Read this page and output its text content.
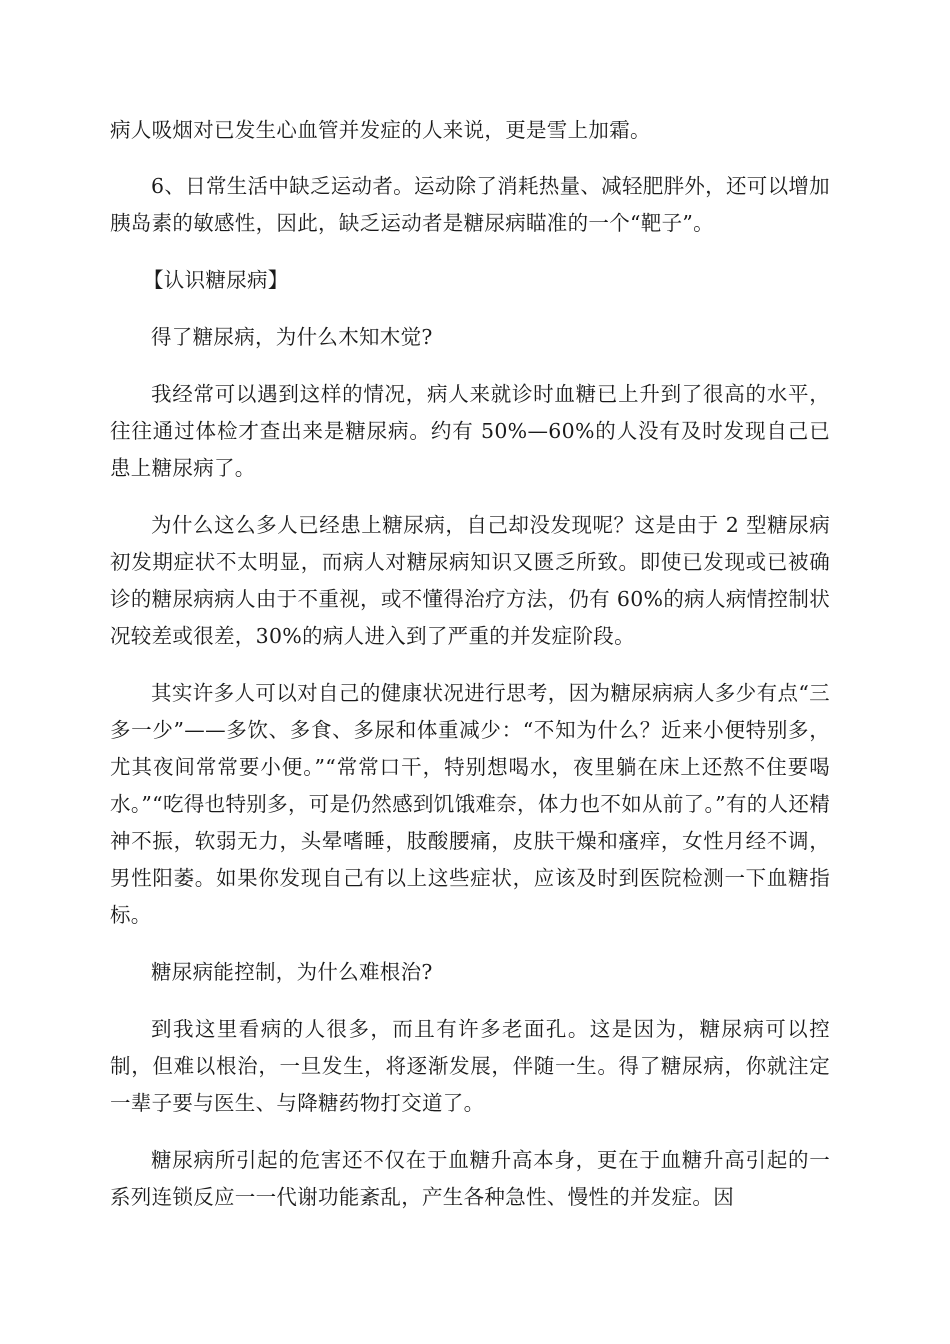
病人吸烟对已发生心血管并发症的人来说，更是雪上加霜。

6、日常生活中缺乏运动者。运动除了消耗热量、减轻肥胖外，还可以增加胰岛素的敏感性，因此，缺乏运动者是糖尿病瞄准的一个“靶子”。

【认识糖尿病】

得了糖尿病，为什么木知木觉?

我经常可以遇到这样的情况，病人来就诊时血糖已上升到了很高的水平，往往通过体检才查出来是糖尿病。约有 50%—60%的人没有及时发现自己已患上糖尿病了。

为什么这么多人已经患上糖尿病，自己却没发现呢？这是由于 2 型糖尿病初发期症状不太明显，而病人对糖尿病知识又匮乏所致。即使已发现或已被确诊的糖尿病病人由于不重视，或不懂得治疗方法，仍有 60%的病人病情控制状况较差或很差，30%的病人进入到了严重的并发症阶段。

其实许多人可以对自己的健康状况进行思考，因为糖尿病病人多少有点“三多一少”——多饮、多食、多尿和体重减少：“不知为什么？近来小便特别多，尤其夜间常常要小便。”“常常口干，特别想喝水，夜里躺在床上还熬不住要喝水。”“吃得也特别多，可是仍然感到饥饿难奈，体力也不如从前了。”有的人还精神不振，软弱无力，头晕嗜睡，肢酸腰痛，皮肤干燥和瘙痒，女性月经不调，男性阳萎。如果你发现自己有以上这些症状，应该及时到医院检测一下血糖指标。

糖尿病能控制，为什么难根治?

到我这里看病的人很多，而且有许多老面孔。这是因为，糖尿病可以控制，但难以根治，一旦发生，将逐渐发展，伴随一生。得了糖尿病，你就注定一辈子要与医生、与降糖药物打交道了。

糖尿病所引起的危害还不仅在于血糖升高本身，更在于血糖升高引起的一系列连锁反应一一代谢功能紊乱，产生各种急性、慢性的并发症。因
